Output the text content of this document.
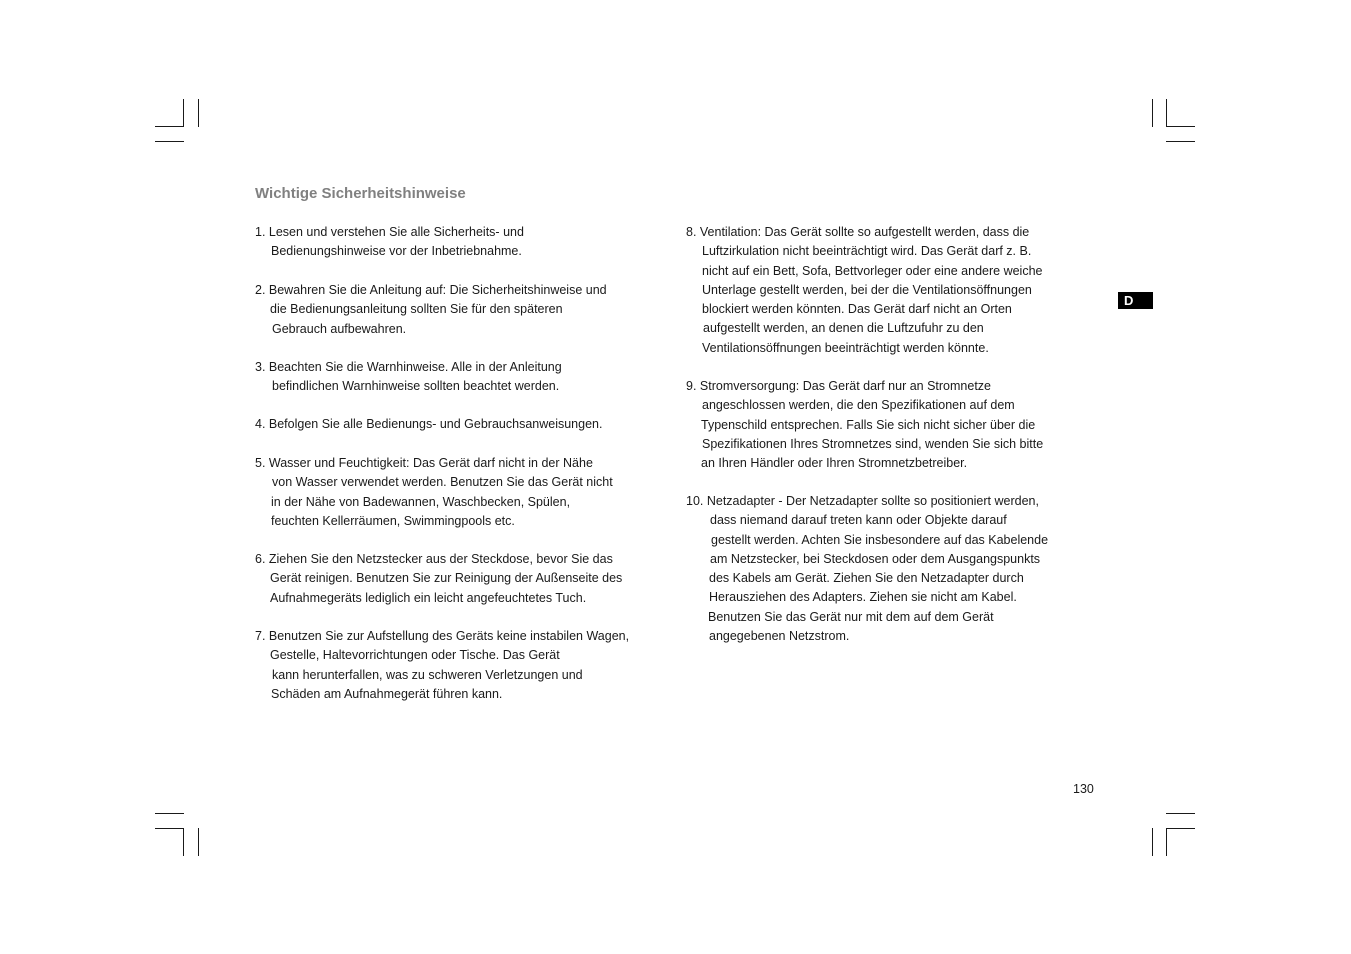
Wichtige Sicherheitshinweise

1. Lesen und verstehen Sie alle Sicherheits- und
Bedienungshinweise vor der Inbetriebnahme.

2. Bewahren Sie die Anleitung auf: Die Sicherheitshinweise und
die Bedienungsanleitung sollten Sie für den späteren
Gebrauch aufbewahren.

3. Beachten Sie die Warnhinweise. Alle in der Anleitung
befindlichen Warnhinweise sollten beachtet werden.

4. Befolgen Sie alle Bedienungs- und Gebrauchsanweisungen.

5. Wasser und Feuchtigkeit: Das Gerät darf nicht in der Nähe
von Wasser verwendet werden. Benutzen Sie das Gerät nicht
in der Nähe von Badewannen, Waschbecken, Spülen,
feuchten Kellerräumen, Swimmingpools etc.

6. Ziehen Sie den Netzstecker aus der Steckdose, bevor Sie das
Gerät reinigen. Benutzen Sie zur Reinigung der Außenseite des
Aufnahmegeräts lediglich ein leicht angefeuchtetes Tuch.

7. Benutzen Sie zur Aufstellung des Geräts keine instabilen Wagen,
Gestelle, Haltevorrichtungen oder Tische. Das Gerät
kann herunterfallen, was zu schweren Verletzungen und
Schäden am Aufnahmegerät führen kann.

8. Ventilation: Das Gerät sollte so aufgestellt werden, dass die
Luftzirkulation nicht beeinträchtigt wird. Das Gerät darf z. B.
nicht auf ein Bett, Sofa, Bettvorleger oder eine andere weiche
Unterlage gestellt werden, bei der die Ventilationsöffnungen
blockiert werden könnten. Das Gerät darf nicht an Orten
aufgestellt werden, an denen die Luftzufuhr zu den
Ventilationsöffnungen beeinträchtigt werden könnte.

9. Stromversorgung: Das Gerät darf nur an Stromnetze
angeschlossen werden, die den Spezifikationen auf dem
Typenschild entsprechen. Falls Sie sich nicht sicher über die
Spezifikationen Ihres Stromnetzes sind, wenden Sie sich bitte
an Ihren Händler oder Ihren Stromnetzbetreiber.

10. Netzadapter - Der Netzadapter sollte so positioniert werden,
dass niemand darauf treten kann oder Objekte darauf
gestellt werden. Achten Sie insbesondere auf das Kabelende
am Netzstecker, bei Steckdosen oder dem Ausgangspunkts
des Kabels am Gerät. Ziehen Sie den Netzadapter durch
Herausziehen des Adapters. Ziehen sie nicht am Kabel.
Benutzen Sie das Gerät nur mit dem auf dem Gerät
angegebenen Netzstrom.

D
130
